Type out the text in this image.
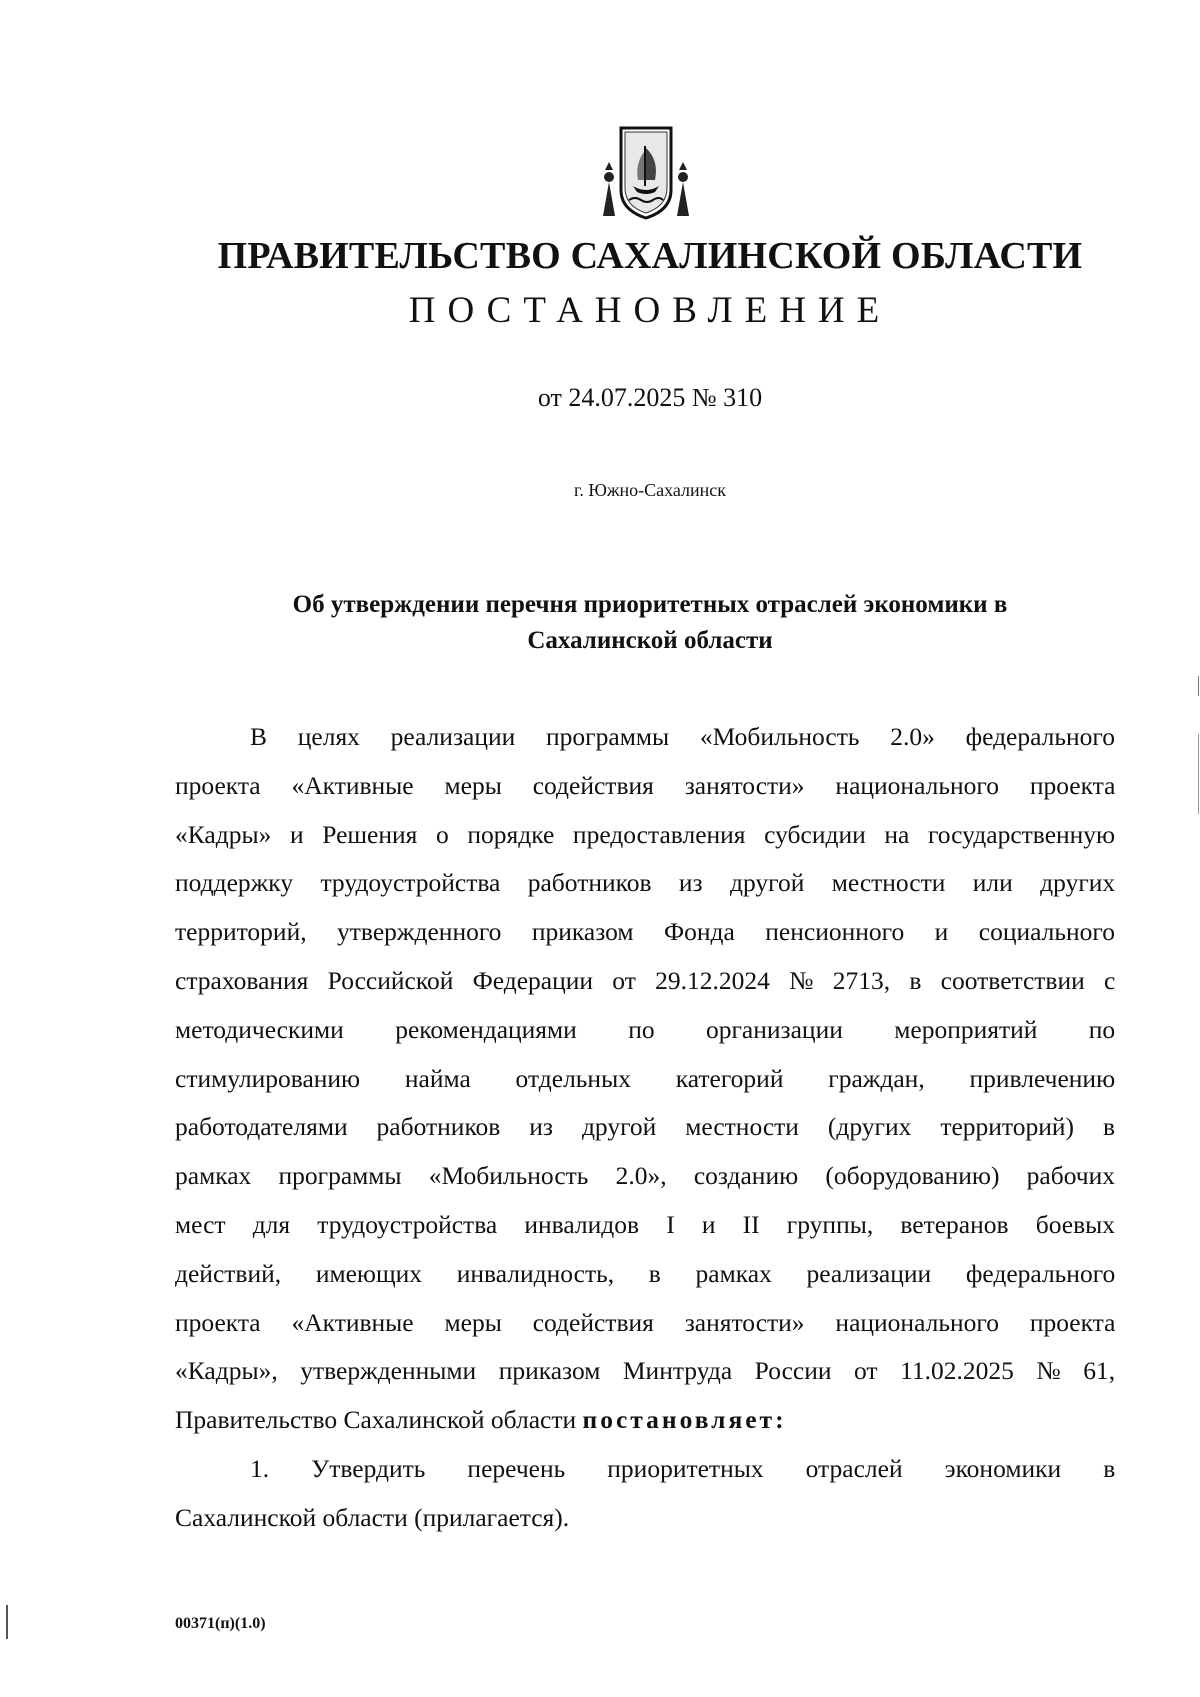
ПРАВИТЕЛЬСТВО САХАЛИНСКОЙ ОБЛАСТИ
ПОСТАНОВЛЕНИЕ
от 24.07.2025 № 310
г. Южно-Сахалинск
Об утверждении перечня приоритетных отраслей экономики в
Сахалинской области
В целях реализации программы «Мобильность 2.0» федерального
проекта «Активные меры содействия занятости» национального проекта
«Кадры» и Решения о порядке предоставления субсидии на государственную
поддержку трудоустройства работников из другой местности или других
территорий, утвержденного приказом Фонда пенсионного и социального
страхования Российской Федерации от 29.12.2024 № 2713, в соответствии с
методическими рекомендациями по организации мероприятий по
стимулированию найма отдельных категорий граждан, привлечению
работодателями работников из другой местности (других территорий) в
рамках программы «Мобильность 2.0», созданию (оборудованию) рабочих
мест для трудоустройства инвалидов I и II группы, ветеранов боевых
действий, имеющих инвалидность, в рамках реализации федерального
проекта «Активные меры содействия занятости» национального проекта
«Кадры», утвержденными приказом Минтруда России от 11.02.2025 № 61,
Правительство Сахалинской области постановляет:
1. Утвердить перечень приоритетных отраслей экономики в
Сахалинской области (прилагается).
00371(п)(1.0)
